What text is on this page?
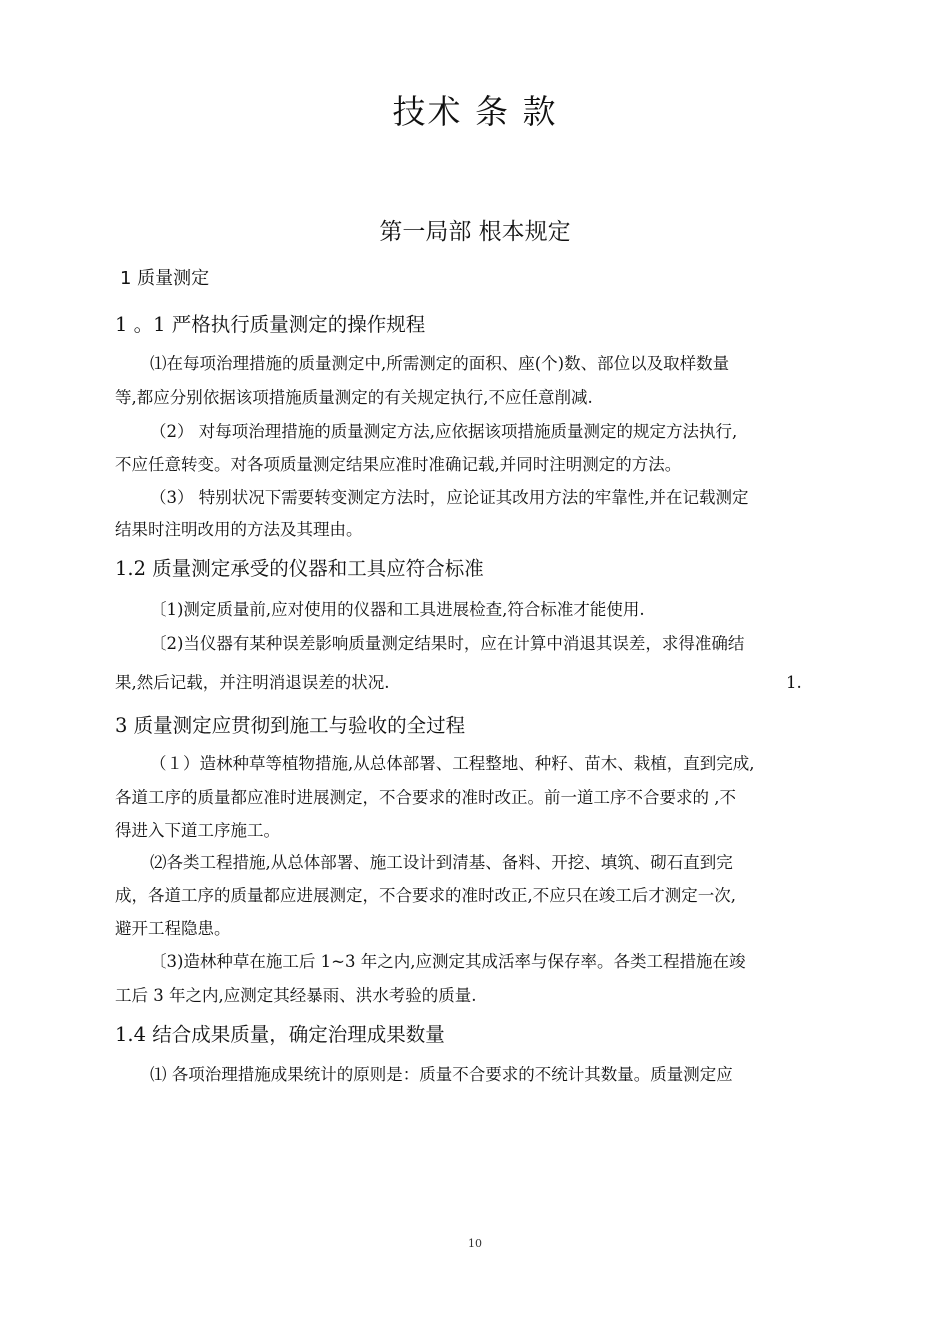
技术 条 款
第一局部 根本规定
1 质量测定
1 。1 严格执行质量测定的操作规程

⑴在每项治理措施的质量测定中,所需测定的面积、座(个)数、部位以及取样数量

等,都应分别依据该项措施质量测定的有关规定执行,不应任意削减.

（2） 对每项治理措施的质量测定方法,应依据该项措施质量测定的规定方法执行,

不应任意转变。对各项质量测定结果应准时准确记载,并同时注明测定的方法。

（3） 特别状况下需要转变测定方法时，应论证其改用方法的牢靠性,并在记载测定

结果时注明改用的方法及其理由。

1.2 质量测定承受的仪器和工具应符合标准

〔1)测定质量前,应对使用的仪器和工具进展检查,符合标准才能使用.

〔2)当仪器有某种误差影响质量测定结果时，应在计算中消退其误差，求得准确结

果,然后记载，并注明消退误差的状况.	1.

3 质量测定应贯彻到施工与验收的全过程

（１）造林种草等植物措施,从总体部署、工程整地、种籽、苗木、栽植，直到完成,

各道工序的质量都应准时进展测定，不合要求的准时改正。前一道工序不合要求的 ,不

得进入下道工序施工。

⑵各类工程措施,从总体部署、施工设计到清基、备料、开挖、填筑、砌石直到完

成，各道工序的质量都应进展测定，不合要求的准时改正,不应只在竣工后才测定一次,

避开工程隐患。

〔3)造林种草在施工后 1~3 年之内,应测定其成活率与保存率。各类工程措施在竣

工后 3 年之内,应测定其经暴雨、洪水考验的质量.

1.4 结合成果质量，确定治理成果数量

⑴ 各项治理措施成果统计的原则是：质量不合要求的不统计其数量。质量测定应

10
